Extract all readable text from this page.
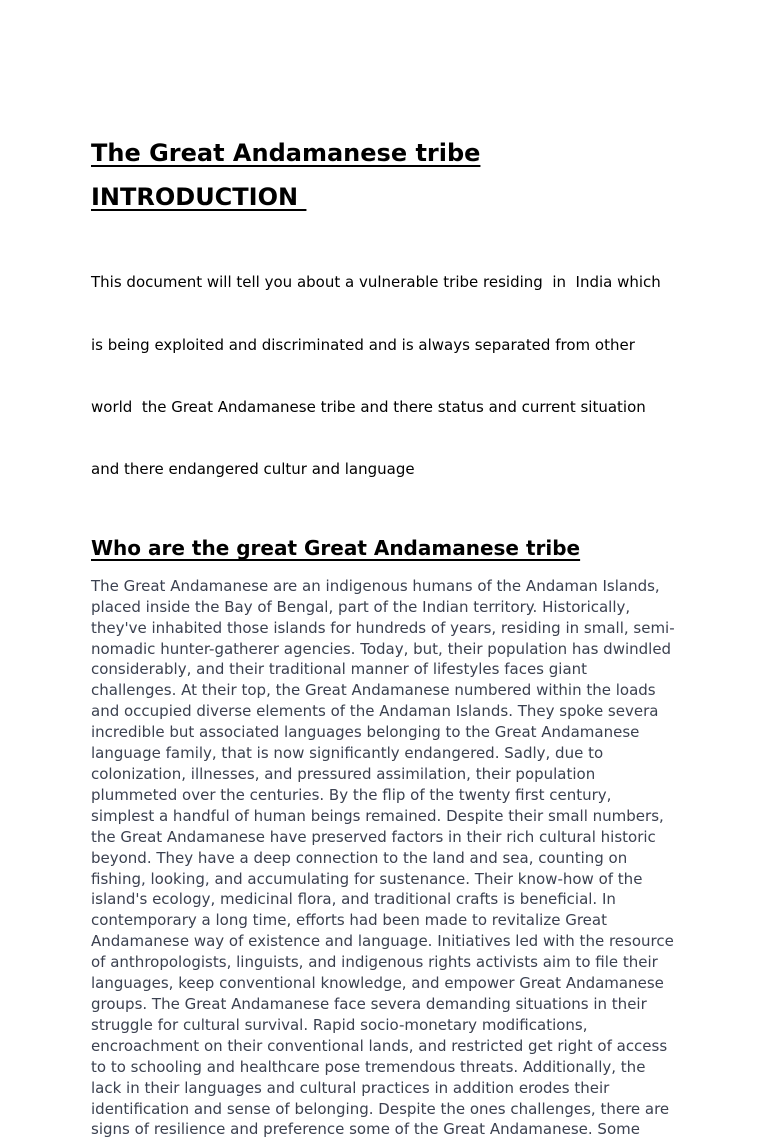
The Great Andamanese tribe
INTRODUCTION

This document will tell you about a vulnerable tribe residing  in  India which

is being exploited and discriminated and is always separated from other

world  the Great Andamanese tribe and there status and current situation

and there endangered cultur and language

Who are the great Great Andamanese tribe

The Great Andamanese are an indigenous humans of the Andaman Islands,
placed inside the Bay of Bengal, part of the Indian territory. Historically,
they've inhabited those islands for hundreds of years, residing in small, semi-
nomadic hunter-gatherer agencies. Today, but, their population has dwindled
considerably, and their traditional manner of lifestyles faces giant
challenges. At their top, the Great Andamanese numbered within the loads
and occupied diverse elements of the Andaman Islands. They spoke severa
incredible but associated languages belonging to the Great Andamanese
language family, that is now significantly endangered. Sadly, due to
colonization, illnesses, and pressured assimilation, their population
plummeted over the centuries. By the flip of the twenty first century,
simplest a handful of human beings remained. Despite their small numbers,
the Great Andamanese have preserved factors in their rich cultural historic
beyond. They have a deep connection to the land and sea, counting on
fishing, looking, and accumulating for sustenance. Their know-how of the
island's ecology, medicinal flora, and traditional crafts is beneficial. In
contemporary a long time, efforts had been made to revitalize Great
Andamanese way of existence and language. Initiatives led with the resource
of anthropologists, linguists, and indigenous rights activists aim to file their
languages, keep conventional knowledge, and empower Great Andamanese
groups. The Great Andamanese face severa demanding situations in their
struggle for cultural survival. Rapid socio-monetary modifications,
encroachment on their conventional lands, and restricted get right of access
to to schooling and healthcare pose tremendous threats. Additionally, the
lack in their languages and cultural practices in addition erodes their
identification and sense of belonging. Despite the ones challenges, there are
signs of resilience and preference some of the Great Andamanese. Some
